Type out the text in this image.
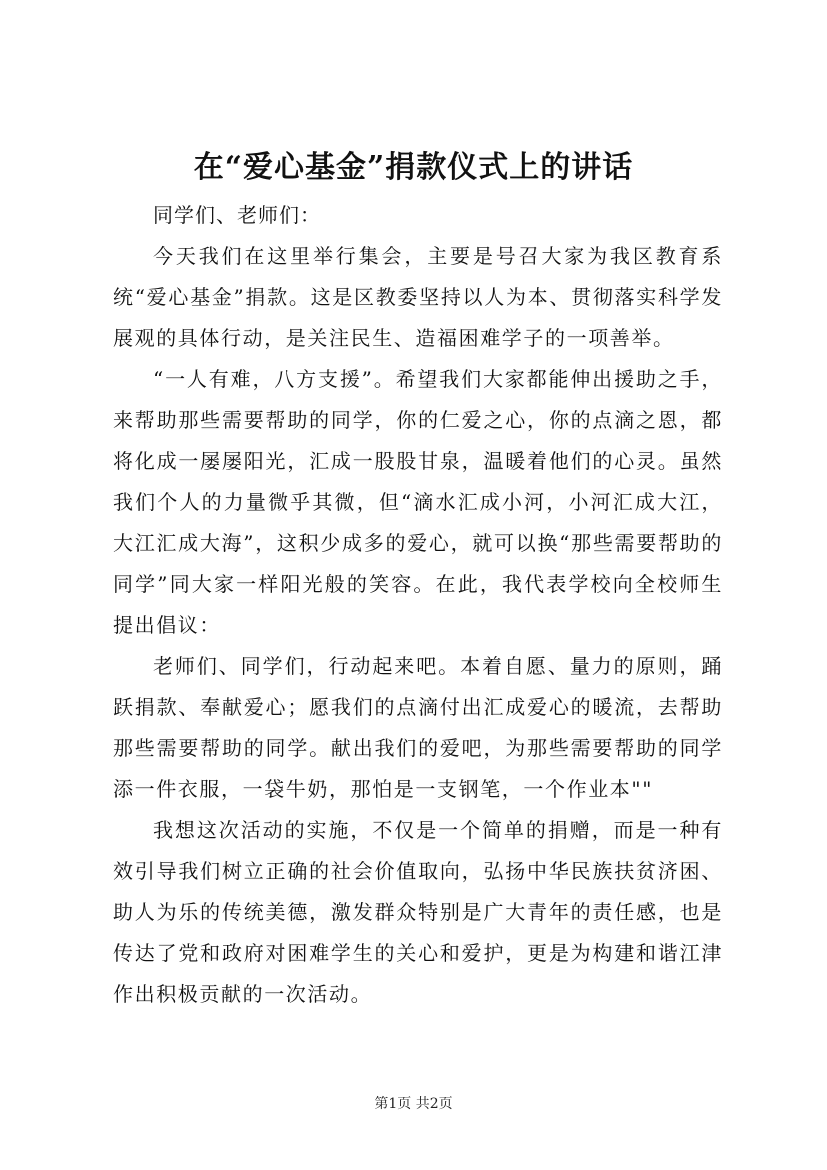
在“爱心基金”捐款仪式上的讲话

同学们、老师们：

今天我们在这里举行集会，主要是号召大家为我区教育系统“爱心基金”捐款。这是区教委坚持以人为本、贯彻落实科学发展观的具体行动，是关注民生、造福困难学子的一项善举。

“一人有难，八方支援”。希望我们大家都能伸出援助之手，来帮助那些需要帮助的同学，你的仁爱之心，你的点滴之恩，都将化成一屡屡阳光，汇成一股股甘泉，温暖着他们的心灵。虽然我们个人的力量微乎其微，但“滴水汇成小河，小河汇成大江，大江汇成大海”，这积少成多的爱心，就可以换“那些需要帮助的同学”同大家一样阳光般的笑容。在此，我代表学校向全校师生提出倡议：

老师们、同学们，行动起来吧。本着自愿、量力的原则，踊跃捐款、奉献爱心；愿我们的点滴付出汇成爱心的暖流，去帮助那些需要帮助的同学。献出我们的爱吧，为那些需要帮助的同学添一件衣服，一袋牛奶，那怕是一支钢笔，一个作业本""

我想这次活动的实施，不仅是一个简单的捐赠，而是一种有效引导我们树立正确的社会价值取向，弘扬中华民族扶贫济困、助人为乐的传统美德，激发群众特别是广大青年的责任感，也是传达了党和政府对困难学生的关心和爱护，更是为构建和谐江津作出积极贡献的一次活动。

第1页 共2页
